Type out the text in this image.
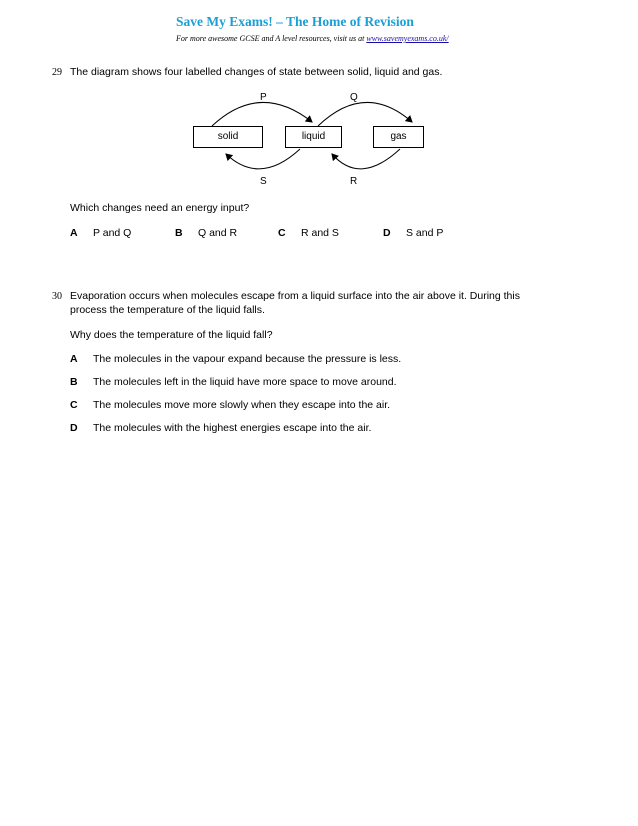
Save My Exams! – The Home of Revision
For more awesome GCSE and A level resources, visit us at www.savemyexams.co.uk/
29 The diagram shows four labelled changes of state between solid, liquid and gas.
solid	liquid	gas
P	Q
S	R
Which changes need an energy input?
A P and Q	B Q and R	C R and S	D S and P
30 Evaporation occurs when molecules escape from a liquid surface into the air above it. During this
process the temperature of the liquid falls.
Why does the temperature of the liquid fall?
A The molecules in the vapour expand because the pressure is less.
B The molecules left in the liquid have more space to move around.
C The molecules move more slowly when they escape into the air.
D The molecules with the highest energies escape into the air.
